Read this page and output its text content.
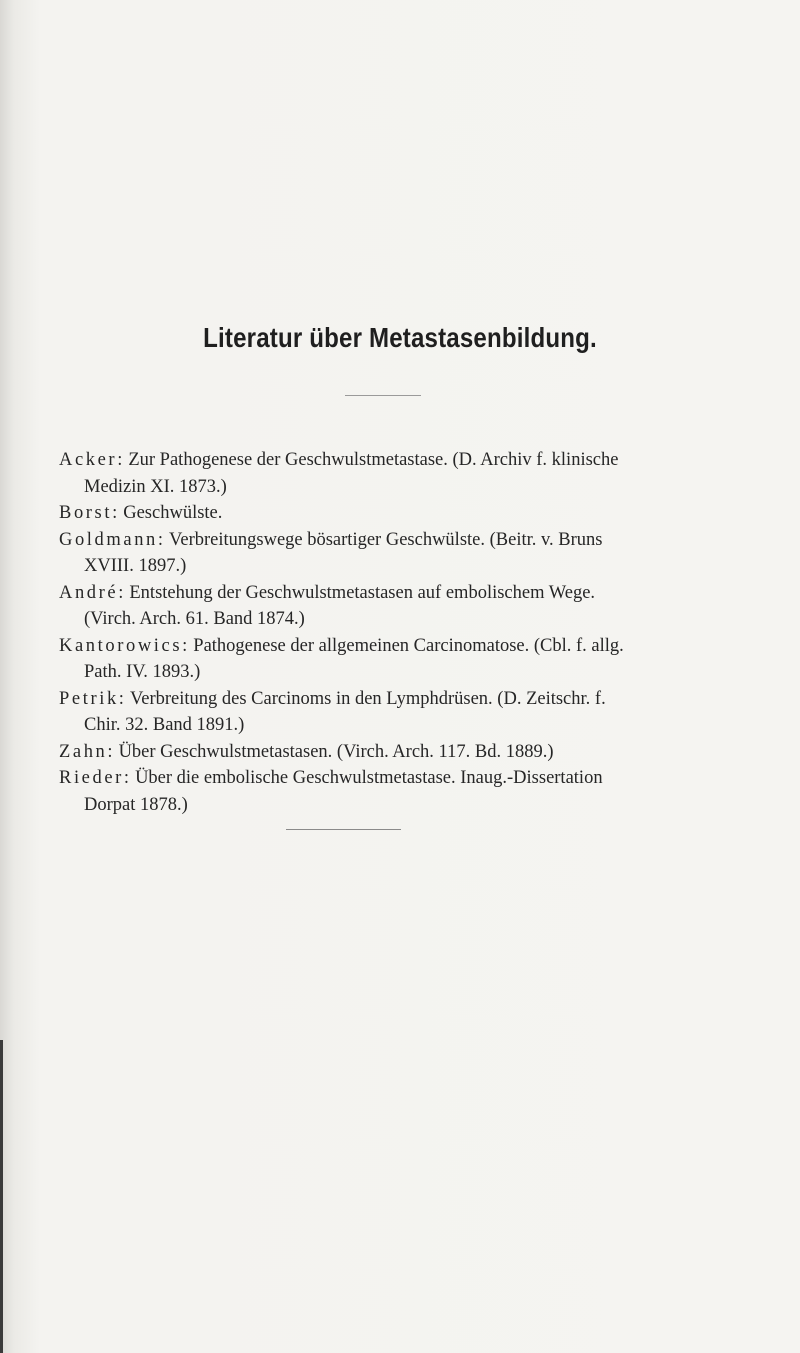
Literatur über Metastasenbildung.

Acker: Zur Pathogenese der Geschwulstmetastase. (D. Archiv f. klinische
Medizin XI. 1873.)

Borst: Geschwülste.

Goldmann: Verbreitungswege bösartiger Geschwülste. (Beitr. v. Bruns
XVIII. 1897.)

André: Entstehung der Geschwulstmetastasen auf embolischem Wege.
(Virch. Arch. 61. Band 1874.)

Kantorowics: Pathogenese der allgemeinen Carcinomatose. (Cbl. f. allg.
Path. IV. 1893.)

Petrik: Verbreitung des Carcinoms in den Lymphdrüsen. (D. Zeitschr. f.
Chir. 32. Band 1891.)

Zahn: Über Geschwulstmetastasen. (Virch. Arch. 117. Bd. 1889.)

Rieder: Über die embolische Geschwulstmetastase. Inaug.-Dissertation
Dorpat 1878.)
